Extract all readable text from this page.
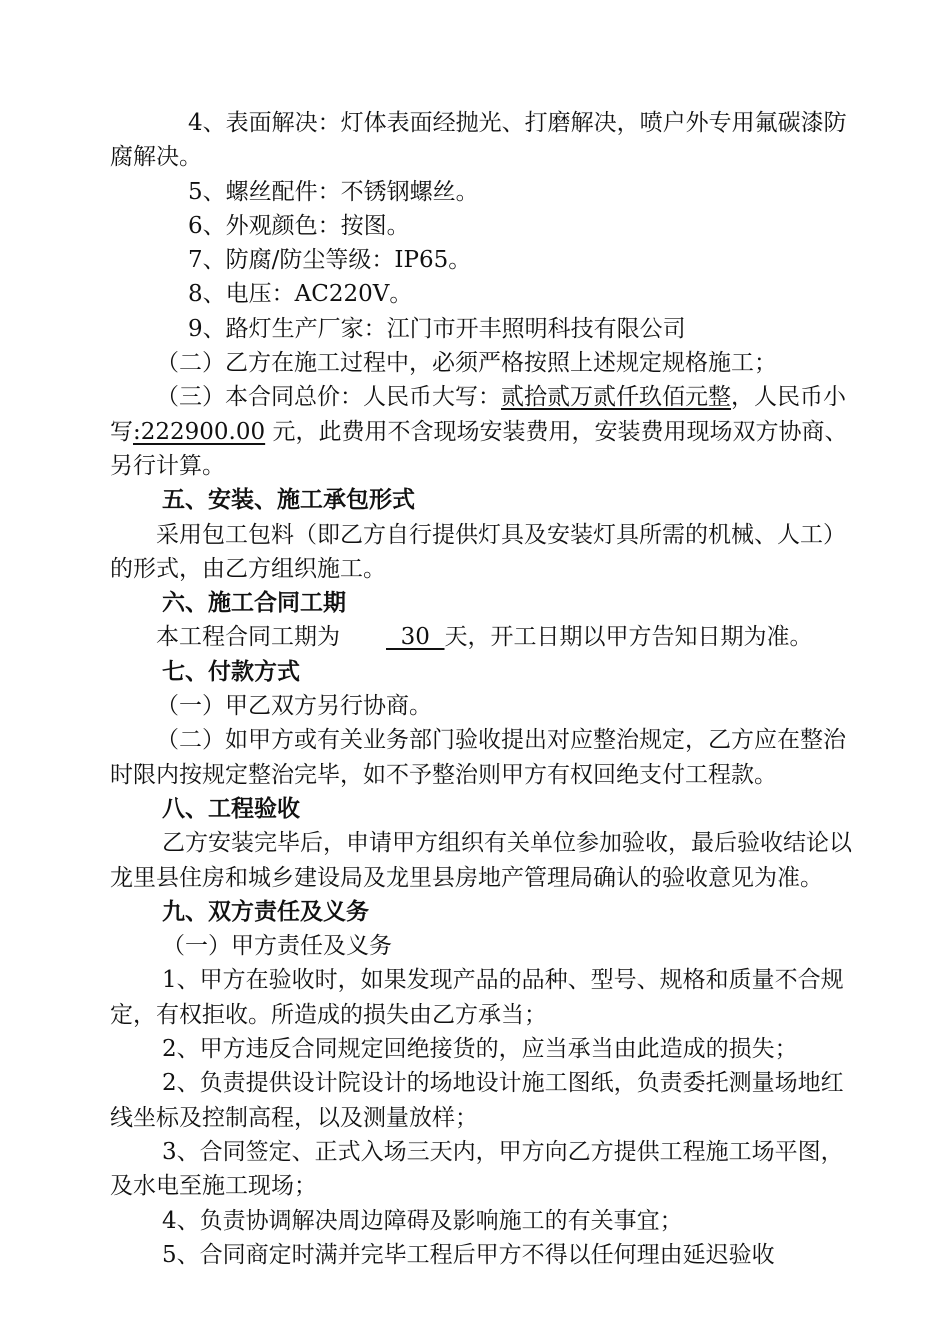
4、表面解决：灯体表面经抛光、打磨解决，喷户外专用氟碳漆防腐解决。

5、螺丝配件：不锈钢螺丝。

6、外观颜色：按图。

7、防腐/防尘等级：IP65。

8、电压：AC220V。

9、路灯生产厂家：江门市开丰照明科技有限公司

（二）乙方在施工过程中，必须严格按照上述规定规格施工；

（三）本合同总价：人民币大写：贰拾贰万贰仟玖佰元整，人民币小写:222900.00 元，此费用不含现场安装费用，安装费用现场双方协商、另行计算。

五、安装、施工承包形式

采用包工包料（即乙方自行提供灯具及安装灯具所需的机械、人工）的形式，由乙方组织施工。

六、施工合同工期

本工程合同工期为  30  天，开工日期以甲方告知日期为准。

七、付款方式

（一）甲乙双方另行协商。

（二）如甲方或有关业务部门验收提出对应整治规定，乙方应在整治时限内按规定整治完毕，如不予整治则甲方有权回绝支付工程款。

八、工程验收

乙方安装完毕后，申请甲方组织有关单位参加验收，最后验收结论以龙里县住房和城乡建设局及龙里县房地产管理局确认的验收意见为准。

九、双方责任及义务

（一）甲方责任及义务

1、甲方在验收时，如果发现产品的品种、型号、规格和质量不合规定，有权拒收。所造成的损失由乙方承当；

2、甲方违反合同规定回绝接货的，应当承当由此造成的损失；

2、负责提供设计院设计的场地设计施工图纸，负责委托测量场地红线坐标及控制高程，以及测量放样；

3、合同签定、正式入场三天内，甲方向乙方提供工程施工场平图，及水电至施工现场；

4、负责协调解决周边障碍及影响施工的有关事宜；

5、合同商定时满并完毕工程后甲方不得以任何理由延迟验收
